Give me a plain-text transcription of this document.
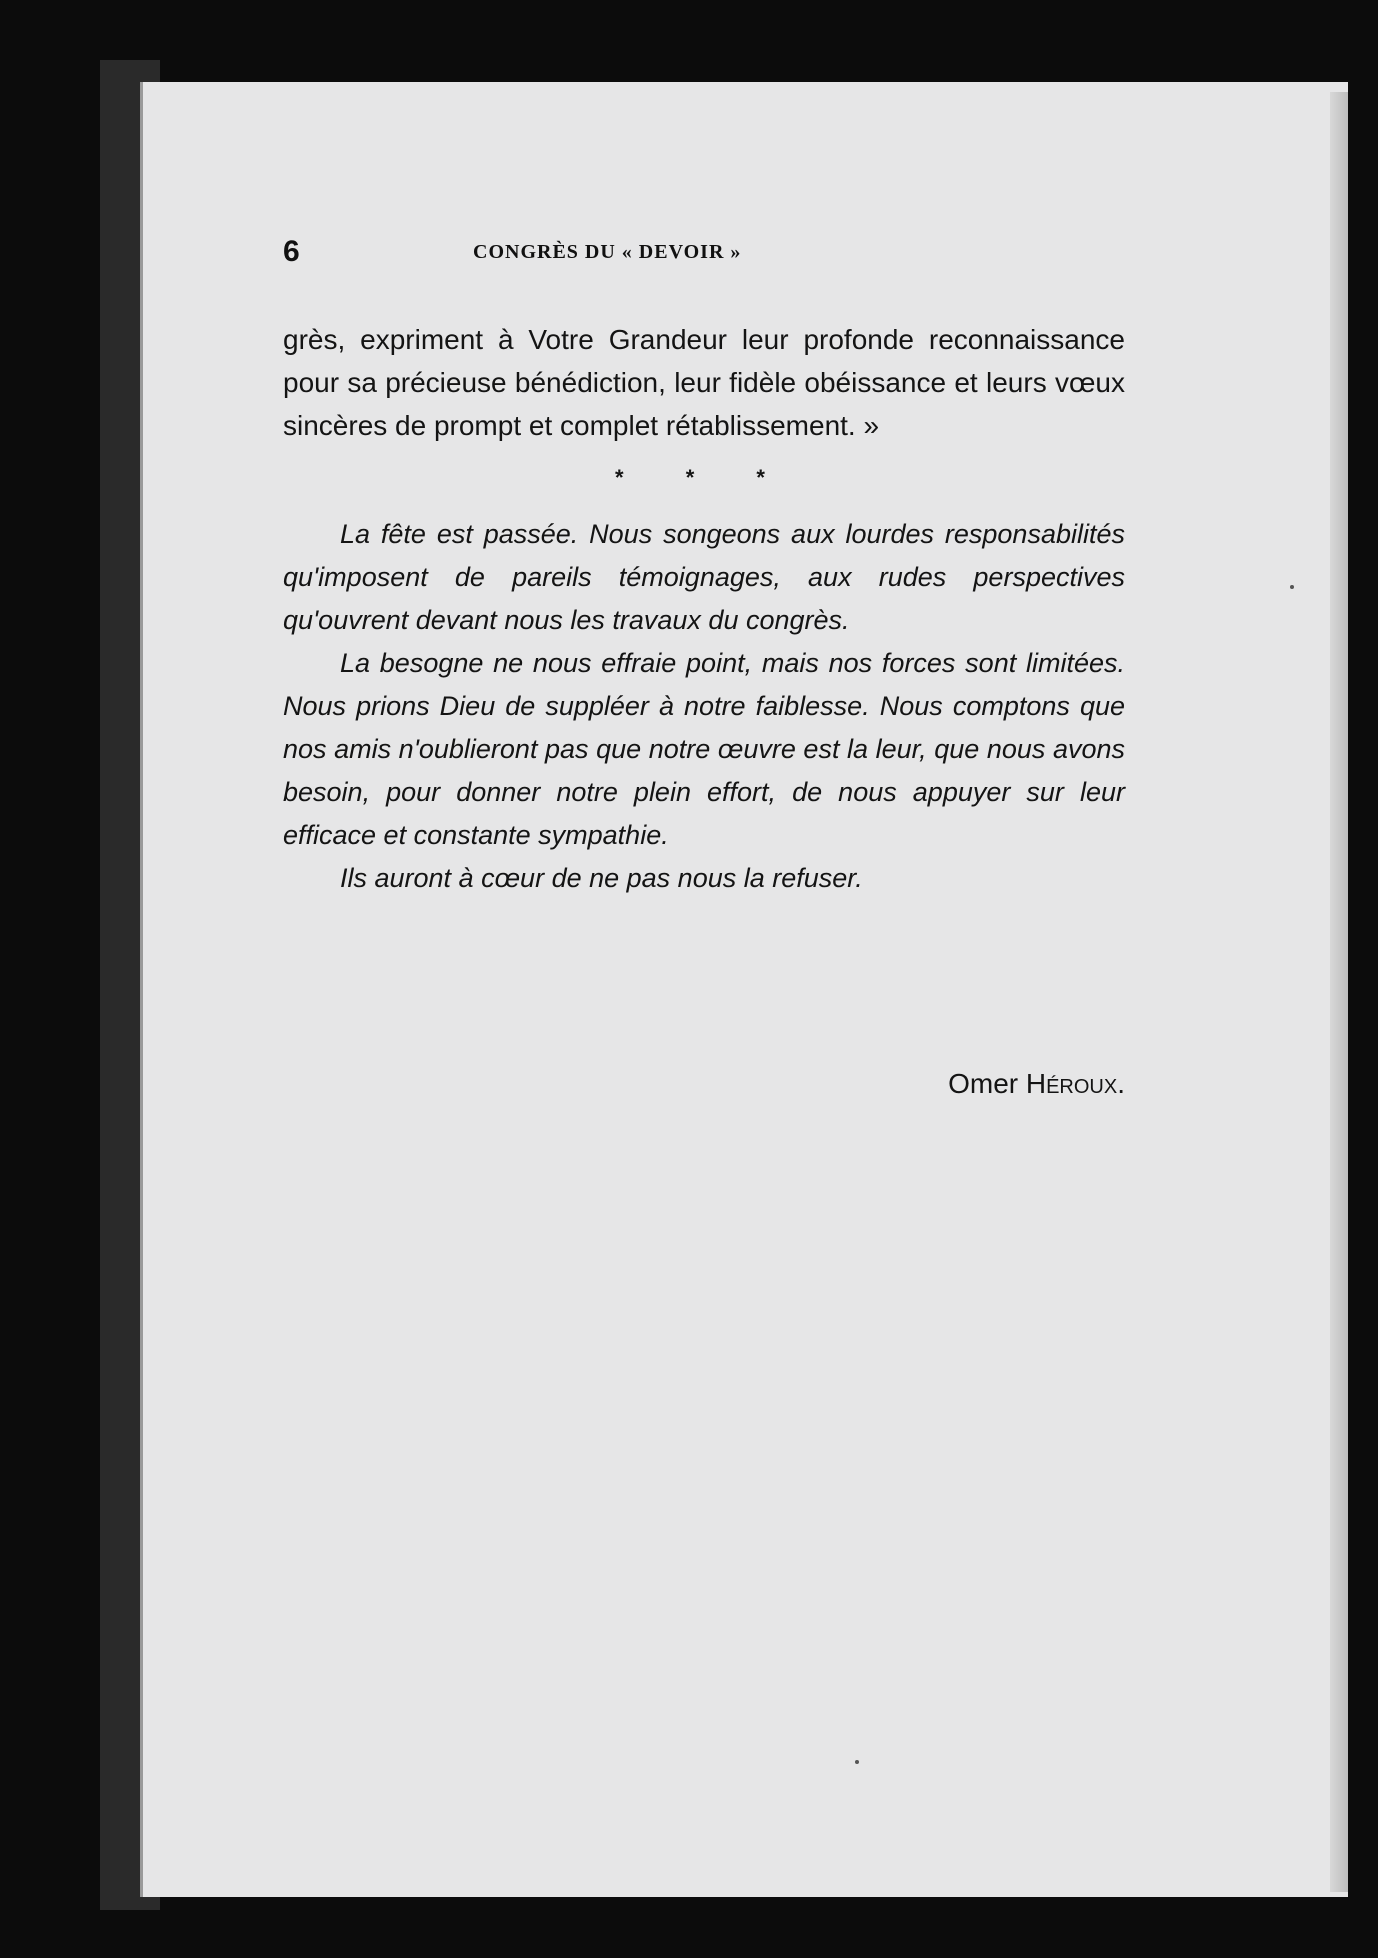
6	CONGRÈS DU « DEVOIR »

grès, expriment à Votre Grandeur leur profonde reconnaissance pour sa précieuse bénédiction, leur fidèle obéissance et leurs vœux sincères de prompt et complet rétablissement. »

* * *

La fête est passée. Nous songeons aux lourdes responsabilités qu'imposent de pareils témoignages, aux rudes perspectives qu'ouvrent devant nous les travaux du congrès.

La besogne ne nous effraie point, mais nos forces sont limitées. Nous prions Dieu de suppléer à notre faiblesse. Nous comptons que nos amis n'oublieront pas que notre œuvre est la leur, que nous avons besoin, pour donner notre plein effort, de nous appuyer sur leur efficace et constante sympathie.

Ils auront à cœur de ne pas nous la refuser.

Omer Héroux.
